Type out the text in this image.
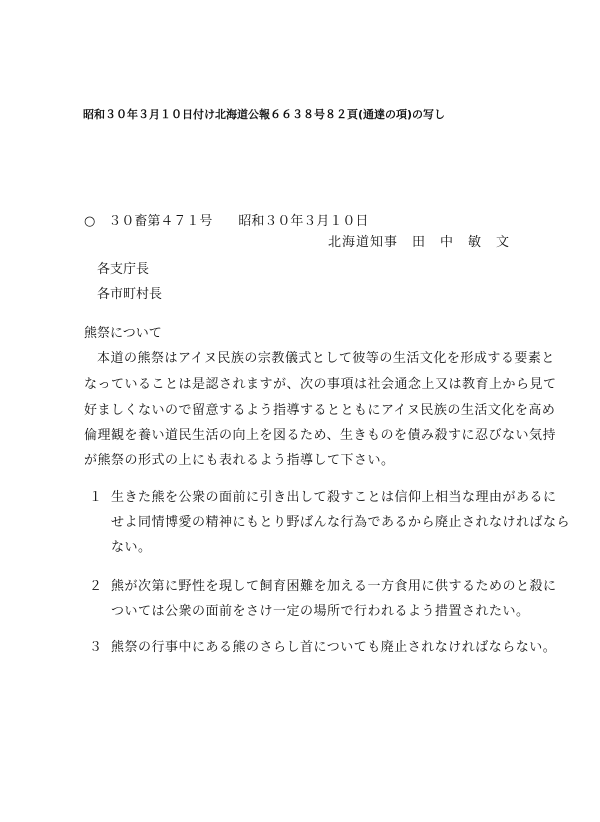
昭和３０年３月１０日付け北海道公報６６３８号８２頁(通達の項)の写し
○　３０畜第４７１号　　昭和３０年３月１０日
北海道知事　田　中　敏　文
各支庁長
各市町村長
熊祭について
本道の熊祭はアイヌ民族の宗教儀式として彼等の生活文化を形成する要素と
なっていることは是認されますが、次の事項は社会通念上又は教育上から見て
好ましくないので留意するよう指導するとともにアイヌ民族の生活文化を高め
倫理観を養い道民生活の向上を図るため、生きものを債み殺すに忍びない気持
が熊祭の形式の上にも表れるよう指導して下さい。
１ 生きた熊を公衆の面前に引き出して殺すことは信仰上相当な理由があるに
せよ同情博愛の精神にもとり野ばんな行為であるから廃止されなければなら
ない。
２ 熊が次第に野性を現して飼育困難を加える一方食用に供するためのと殺に
ついては公衆の面前をさけ一定の場所で行われるよう措置されたい。
３ 熊祭の行事中にある熊のさらし首についても廃止されなければならない。
